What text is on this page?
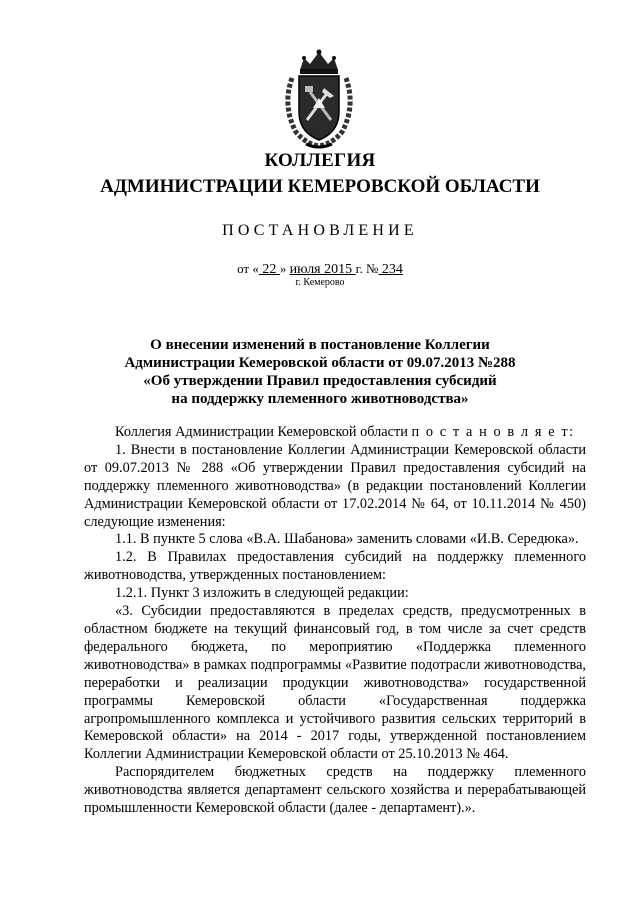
КОЛЛЕГИЯ
АДМИНИСТРАЦИИ КЕМЕРОВСКОЙ ОБЛАСТИ
ПОСТАНОВЛЕНИЕ
от « 22 » июля 2015 г. № 234
г. Кемерово
О внесении изменений в постановление Коллегии
Администрации Кемеровской области от 09.07.2013 №288
«Об утверждении Правил предоставления субсидий
на поддержку племенного животноводства»

Коллегия Администрации Кемеровской области п о с т а н о в л я е т:

1. Внести в постановление Коллегии Администрации Кемеровской области от 09.07.2013 № 288 «Об утверждении Правил предоставления субсидий на поддержку племенного животноводства» (в редакции постановлений Коллегии Администрации Кемеровской области от 17.02.2014 № 64, от 10.11.2014 № 450) следующие изменения:

1.1. В пункте 5 слова «В.А. Шабанова» заменить словами «И.В. Середюка».

1.2. В Правилах предоставления субсидий на поддержку племенного животноводства, утвержденных постановлением:

1.2.1. Пункт 3 изложить в следующей редакции:

«3. Субсидии предоставляются в пределах средств, предусмотренных в областном бюджете на текущий финансовый год, в том числе за счет средств федерального бюджета, по мероприятию «Поддержка племенного животноводства» в рамках подпрограммы «Развитие подотрасли животноводства, переработки и реализации продукции животноводства» государственной программы Кемеровской области «Государственная поддержка агропромышленного комплекса и устойчивого развития сельских территорий в Кемеровской области» на 2014 - 2017 годы, утвержденной постановлением Коллегии Администрации Кемеровской области от 25.10.2013 № 464.

Распорядителем бюджетных средств на поддержку племенного животноводства является департамент сельского хозяйства и перерабатывающей промышленности Кемеровской области (далее - департамент).».
